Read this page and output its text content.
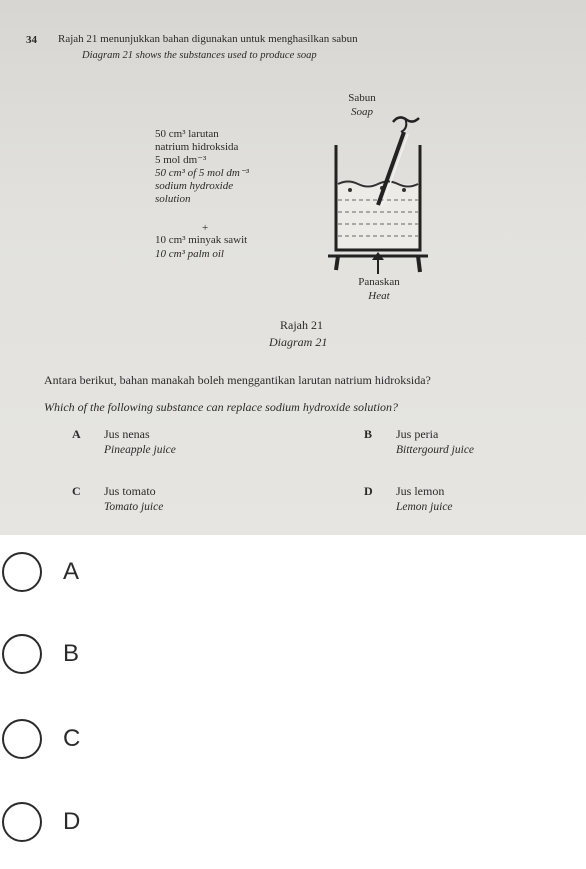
34 Rajah 21 menunjukkan bahan digunakan untuk menghasilkan sabun
Diagram 21 shows the substances used to produce soap
50 cm³ larutan
natrium hidroksida
5 mol dm⁻³
50 cm³ of 5 mol dm⁻³
sodium hydroxide
solution
+
10 cm³ minyak sawit
10 cm³ palm oil
Sabun
Soap
Panaskan
Heat
Rajah 21
Diagram 21
Antara berikut, bahan manakah boleh menggantikan larutan natrium hidroksida?
Which of the following substance can replace sodium hydroxide solution?
A Jus nenas
Pineapple juice
B Jus peria
Bittergourd juice
C Jus tomato
Tomato juice
D Jus lemon
Lemon juice
A
B
C
D
